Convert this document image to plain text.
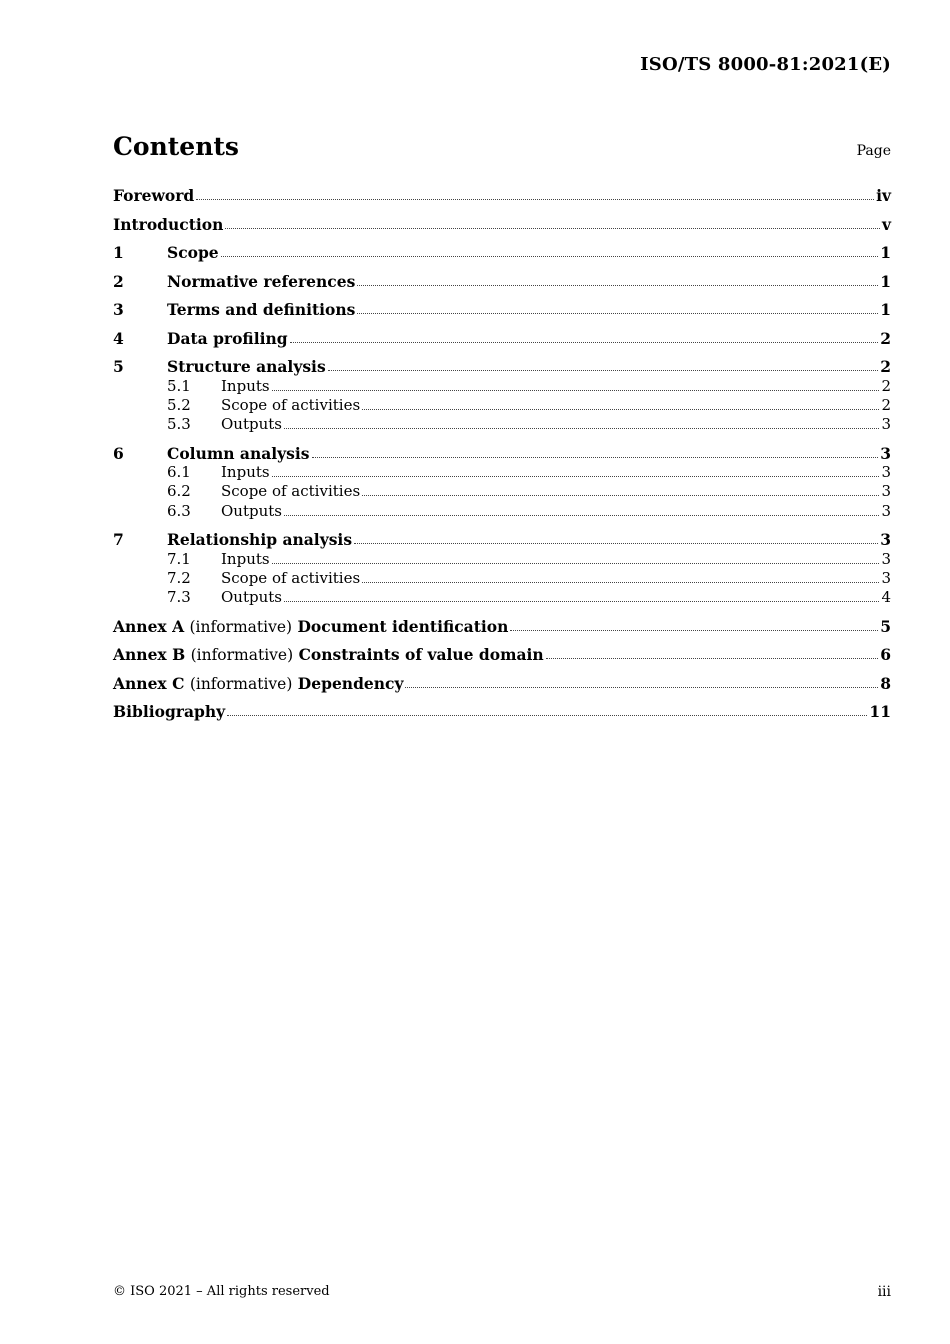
ISO/TS 8000-81:2021(E)
Contents	Page
Foreword	iv
Introduction	v
1	Scope	1
2	Normative references	1
3	Terms and definitions	1
4	Data profiling	2
5	Structure analysis	2
5.1	Inputs	2
5.2	Scope of activities	2
5.3	Outputs	3
6	Column analysis	3
6.1	Inputs	3
6.2	Scope of activities	3
6.3	Outputs	3
7	Relationship analysis	3
7.1	Inputs	3
7.2	Scope of activities	3
7.3	Outputs	4
Annex A (informative) Document identification	5
Annex B (informative) Constraints of value domain	6
Annex C (informative) Dependency	8
Bibliography	11
© ISO 2021 – All rights reserved	iii
